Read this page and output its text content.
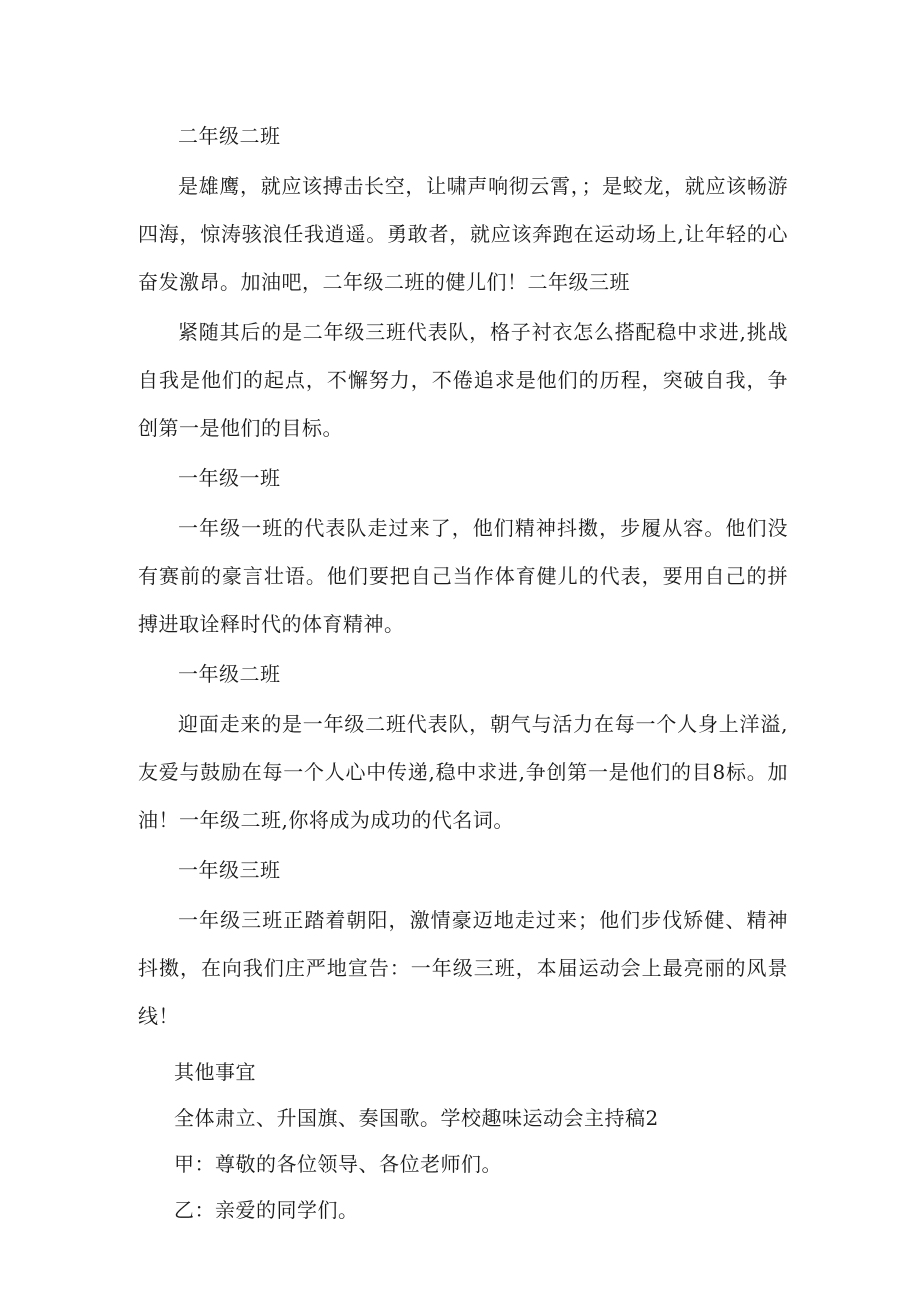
二年级二班

是雄鹰，就应该搏击长空，让啸声响彻云霄，；是蛟龙，就应该畅游四海，惊涛骇浪任我逍遥。勇敢者，就应该奔跑在运动场上,让年轻的心奋发激昂。加油吧，二年级二班的健儿们！二年级三班

紧随其后的是二年级三班代表队，格子衬衣怎么搭配稳中求进,挑战自我是他们的起点，不懈努力，不倦追求是他们的历程，突破自我，争创第一是他们的目标。

一年级一班

一年级一班的代表队走过来了，他们精神抖擞，步履从容。他们没有赛前的豪言壮语。他们要把自己当作体育健儿的代表，要用自己的拼搏进取诠释时代的体育精神。

一年级二班

迎面走来的是一年级二班代表队，朝气与活力在每一个人身上洋溢,友爱与鼓励在每一个人心中传递,稳中求进,争创第一是他们的目8标。加油！一年级二班,你将成为成功的代名词。

一年级三班

一年级三班正踏着朝阳，激情豪迈地走过来；他们步伐矫健、精神抖擞，在向我们庄严地宣告：一年级三班，本届运动会上最亮丽的风景线！

其他事宜

全体肃立、升国旗、奏国歌。学校趣味运动会主持稿2

甲：尊敬的各位领导、各位老师们。

乙：亲爱的同学们。
